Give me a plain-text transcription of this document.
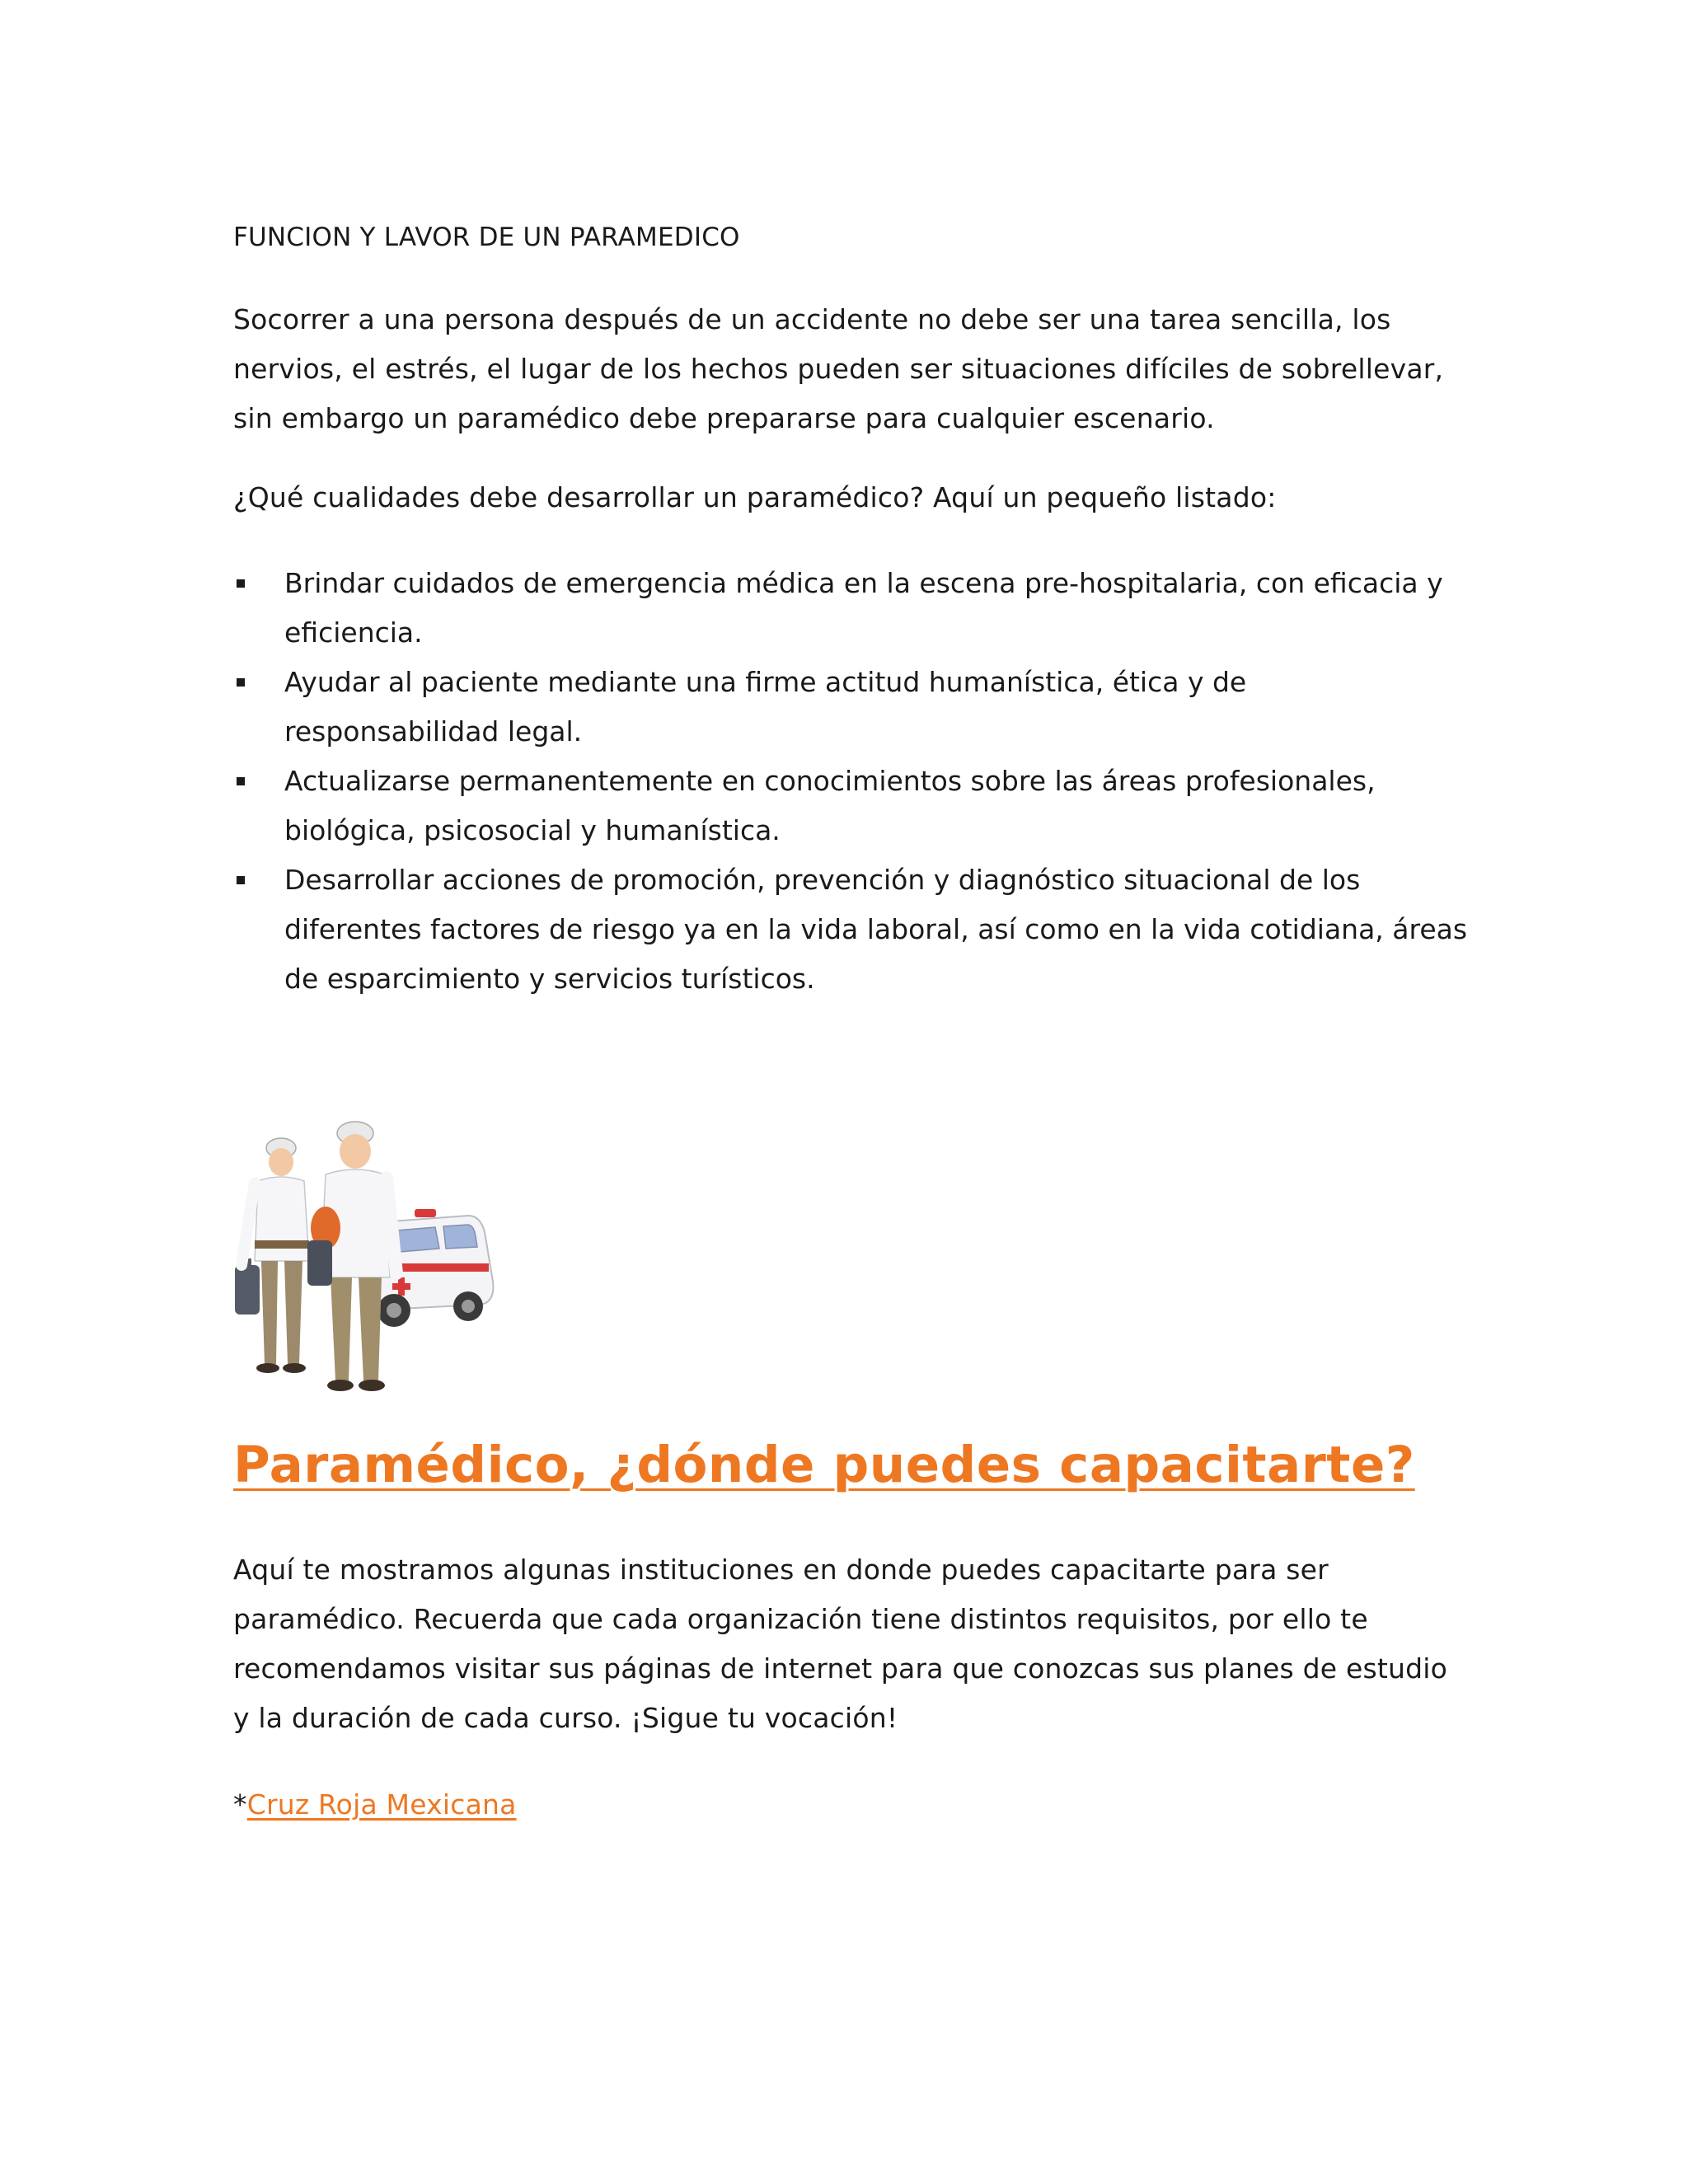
FUNCION Y LAVOR DE UN PARAMEDICO
Socorrer a una persona después de un accidente no debe ser una tarea sencilla, los nervios, el estrés, el lugar de los hechos pueden ser situaciones difíciles de sobrellevar, sin embargo un paramédico debe prepararse para cualquier escenario.
¿Qué cualidades debe desarrollar un paramédico? Aquí un pequeño listado:
Brindar cuidados de emergencia médica en la escena pre-hospitalaria, con eficacia y eficiencia.
Ayudar al paciente mediante una firme actitud humanística, ética y de responsabilidad legal.
Actualizarse permanentemente en conocimientos sobre las áreas profesionales, biológica, psicosocial y humanística.
Desarrollar acciones de promoción, prevención y diagnóstico situacional de los diferentes factores de riesgo ya en la vida laboral, así como en la vida cotidiana, áreas de esparcimiento y servicios turísticos.
Paramédico, ¿dónde puedes capacitarte?
Aquí te mostramos algunas instituciones en donde puedes capacitarte para ser paramédico. Recuerda que cada organización tiene distintos requisitos, por ello te recomendamos visitar sus páginas de internet para que conozcas sus planes de estudio y la duración de cada curso. ¡Sigue tu vocación!
*Cruz Roja Mexicana
